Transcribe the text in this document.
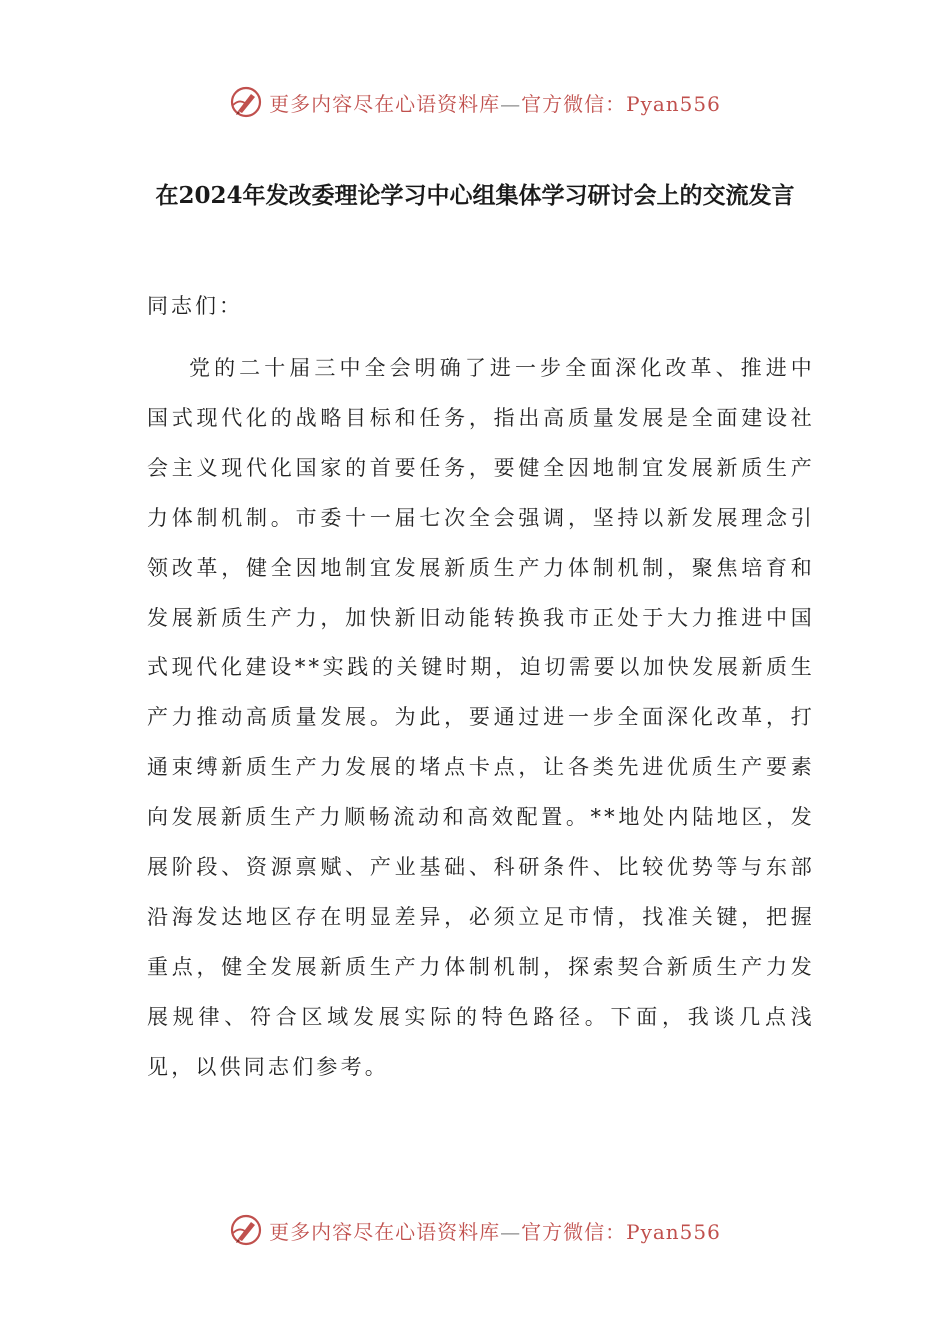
更多内容尽在心语资料库—官方微信：Pyan556
在2024年发改委理论学习中心组集体学习研讨会上的交流发言
同志们：

党的二十届三中全会明确了进一步全面深化改革、推进中国式现代化的战略目标和任务，指出高质量发展是全面建设社会主义现代化国家的首要任务，要健全因地制宜发展新质生产力体制机制。市委十一届七次全会强调，坚持以新发展理念引领改革，健全因地制宜发展新质生产力体制机制，聚焦培育和发展新质生产力，加快新旧动能转换我市正处于大力推进中国式现代化建设**实践的关键时期，迫切需要以加快发展新质生产力推动高质量发展。为此，要通过进一步全面深化改革，打通束缚新质生产力发展的堵点卡点，让各类先进优质生产要素向发展新质生产力顺畅流动和高效配置。**地处内陆地区，发展阶段、资源禀赋、产业基础、科研条件、比较优势等与东部沿海发达地区存在明显差异，必须立足市情，找准关键，把握重点，健全发展新质生产力体制机制，探索契合新质生产力发展规律、符合区域发展实际的特色路径。下面，我谈几点浅见，以供同志们参考。

更多内容尽在心语资料库—官方微信：Pyan556
